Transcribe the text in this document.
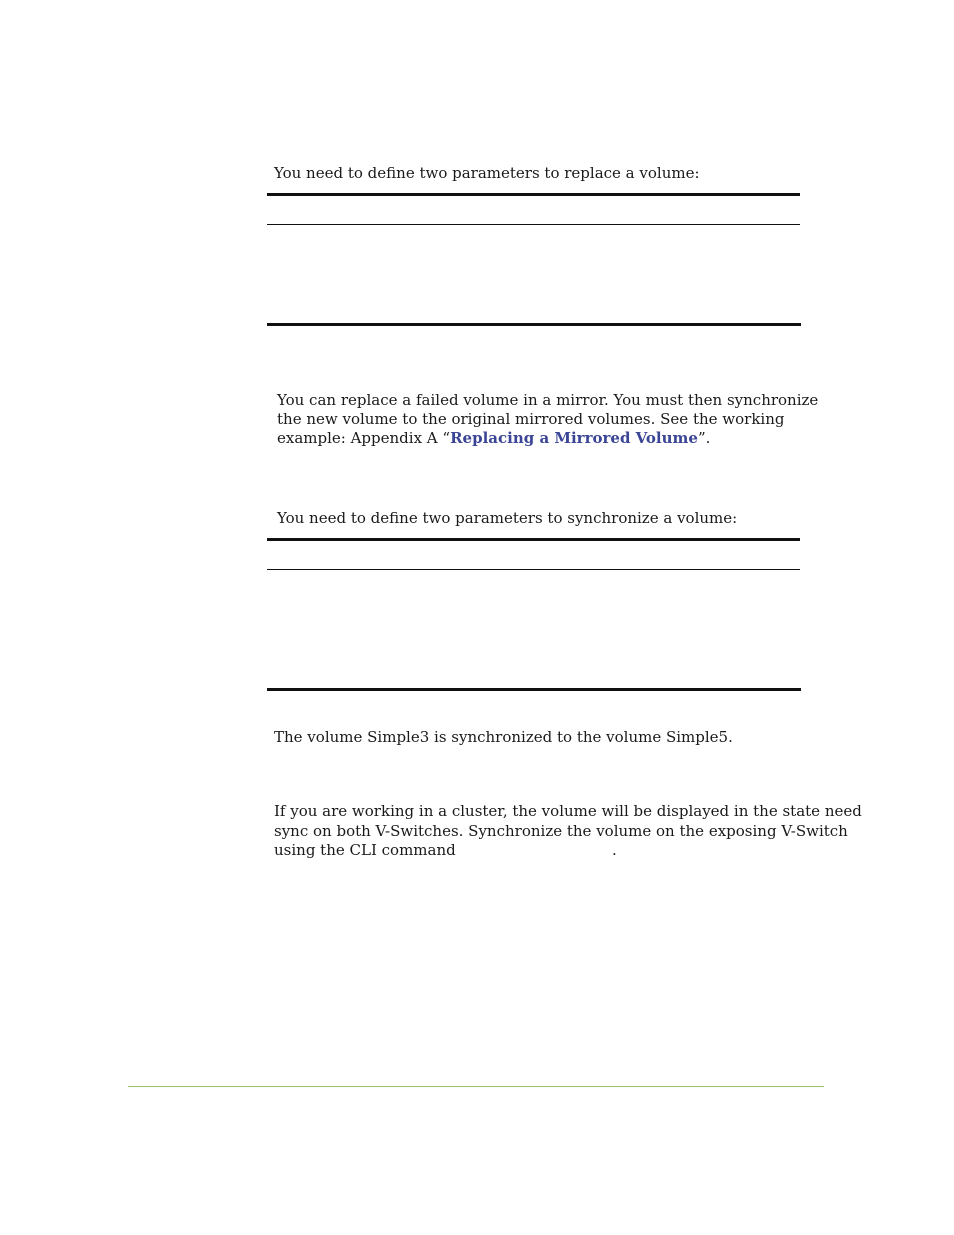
You need to define two parameters to replace a volume:
You can replace a failed volume in a mirror. You must then synchronize
the new volume to the original mirrored volumes. See the working
example: Appendix A “Replacing a Mirrored Volume”.
You need to define two parameters to synchronize a volume:
The volume Simple3 is synchronized to the volume Simple5.
If you are working in a cluster, the volume will be displayed in the state need
sync on both V-Switches. Synchronize the volume on the exposing V-Switch
using the CLI command	.
